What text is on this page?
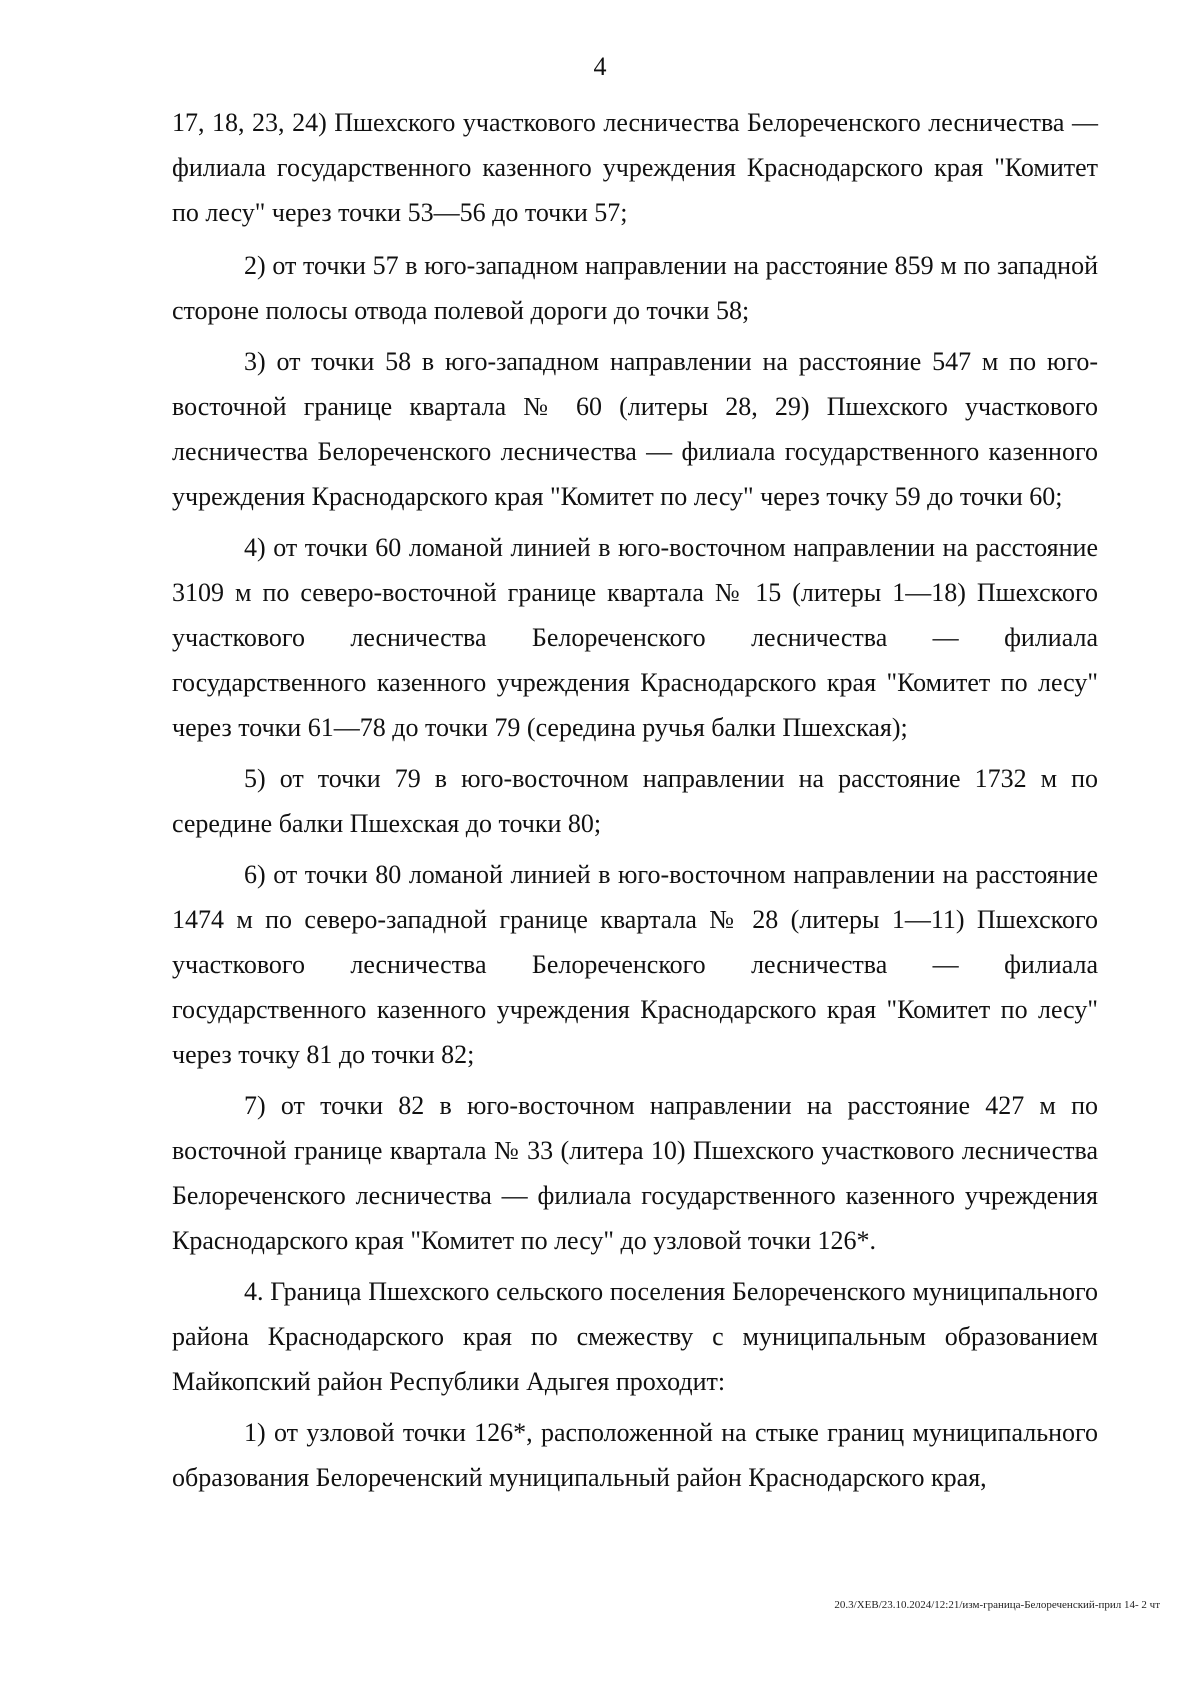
4

17, 18, 23, 24) Пшехского участкового лесничества Белореченского лесничества — филиала государственного казенного учреждения Краснодарского края "Комитет по лесу" через точки 53—56 до точки 57;

2) от точки 57 в юго-западном направлении на расстояние 859 м по западной стороне полосы отвода полевой дороги до точки 58;

3) от точки 58 в юго-западном направлении на расстояние 547 м по юго-восточной границе квартала № 60 (литеры 28, 29) Пшехского участкового лесничества Белореченского лесничества — филиала государственного казенного учреждения Краснодарского края "Комитет по лесу" через точку 59 до точки 60;

4) от точки 60 ломаной линией в юго-восточном направлении на расстояние 3109 м по северо-восточной границе квартала № 15 (литеры 1—18) Пшехского участкового лесничества Белореченского лесничества — филиала государственного казенного учреждения Краснодарского края "Комитет по лесу" через точки 61—78 до точки 79 (середина ручья балки Пшехская);

5) от точки 79 в юго-восточном направлении на расстояние 1732 м по середине балки Пшехская до точки 80;

6) от точки 80 ломаной линией в юго-восточном направлении на расстояние 1474 м по северо-западной границе квартала № 28 (литеры 1—11) Пшехского участкового лесничества Белореченского лесничества — филиала государственного казенного учреждения Краснодарского края "Комитет по лесу" через точку 81 до точки 82;

7) от точки 82 в юго-восточном направлении на расстояние 427 м по восточной границе квартала № 33 (литера 10) Пшехского участкового лесничества Белореченского лесничества — филиала государственного казенного учреждения Краснодарского края "Комитет по лесу" до узловой точки 126*.

4. Граница Пшехского сельского поселения Белореченского муниципального района Краснодарского края по смежеству с муниципальным образованием Майкопский район Республики Адыгея проходит:

1) от узловой точки 126*, расположенной на стыке границ муниципального образования Белореченский муниципальный район Краснодарского края,

20.3/ХЕВ/23.10.2024/12:21/изм-граница-Белореченский-прил 14- 2 чт
